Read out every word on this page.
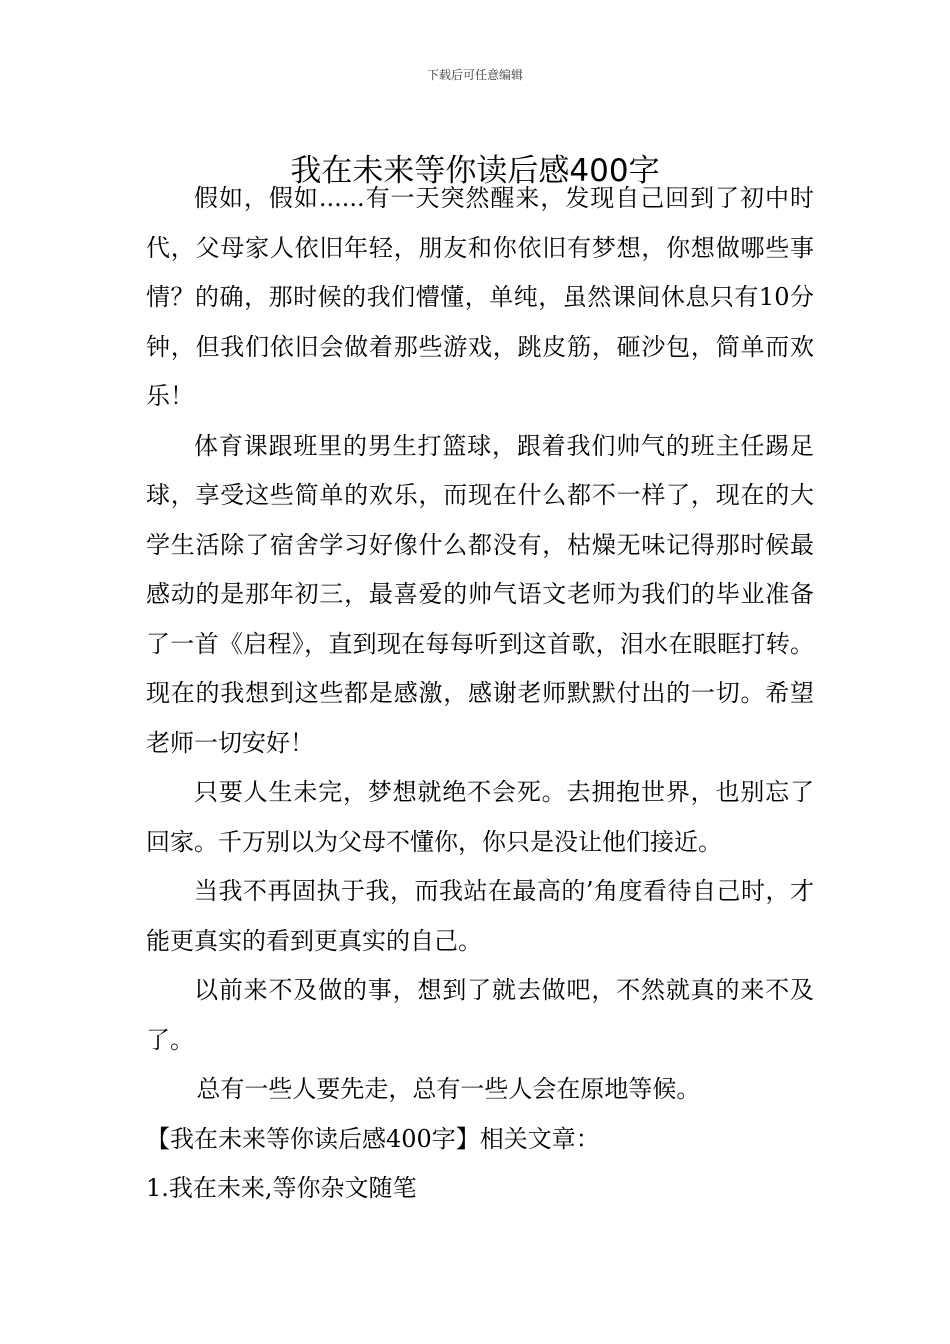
下载后可任意编辑
我在未来等你读后感400字

假如，假如......有一天突然醒来，发现自己回到了初中时代，父母家人依旧年轻，朋友和你依旧有梦想，你想做哪些事情？的确，那时候的我们懵懂，单纯，虽然课间休息只有10分钟，但我们依旧会做着那些游戏，跳皮筋，砸沙包，简单而欢乐！

体育课跟班里的男生打篮球，跟着我们帅气的班主任踢足球，享受这些简单的欢乐，而现在什么都不一样了，现在的大学生活除了宿舍学习好像什么都没有，枯燥无味记得那时候最感动的是那年初三，最喜爱的帅气语文老师为我们的毕业准备了一首《启程》，直到现在每每听到这首歌，泪水在眼眶打转。现在的我想到这些都是感激，感谢老师默默付出的一切。希望老师一切安好！

只要人生未完，梦想就绝不会死。去拥抱世界，也别忘了回家。千万别以为父母不懂你，你只是没让他们接近。

当我不再固执于我，而我站在最高的’角度看待自己时，才能更真实的看到更真实的自己。

以前来不及做的事，想到了就去做吧，不然就真的来不及了。

总有一些人要先走，总有一些人会在原地等候。

【我在未来等你读后感400字】相关文章：

1.我在未来,等你杂文随笔
